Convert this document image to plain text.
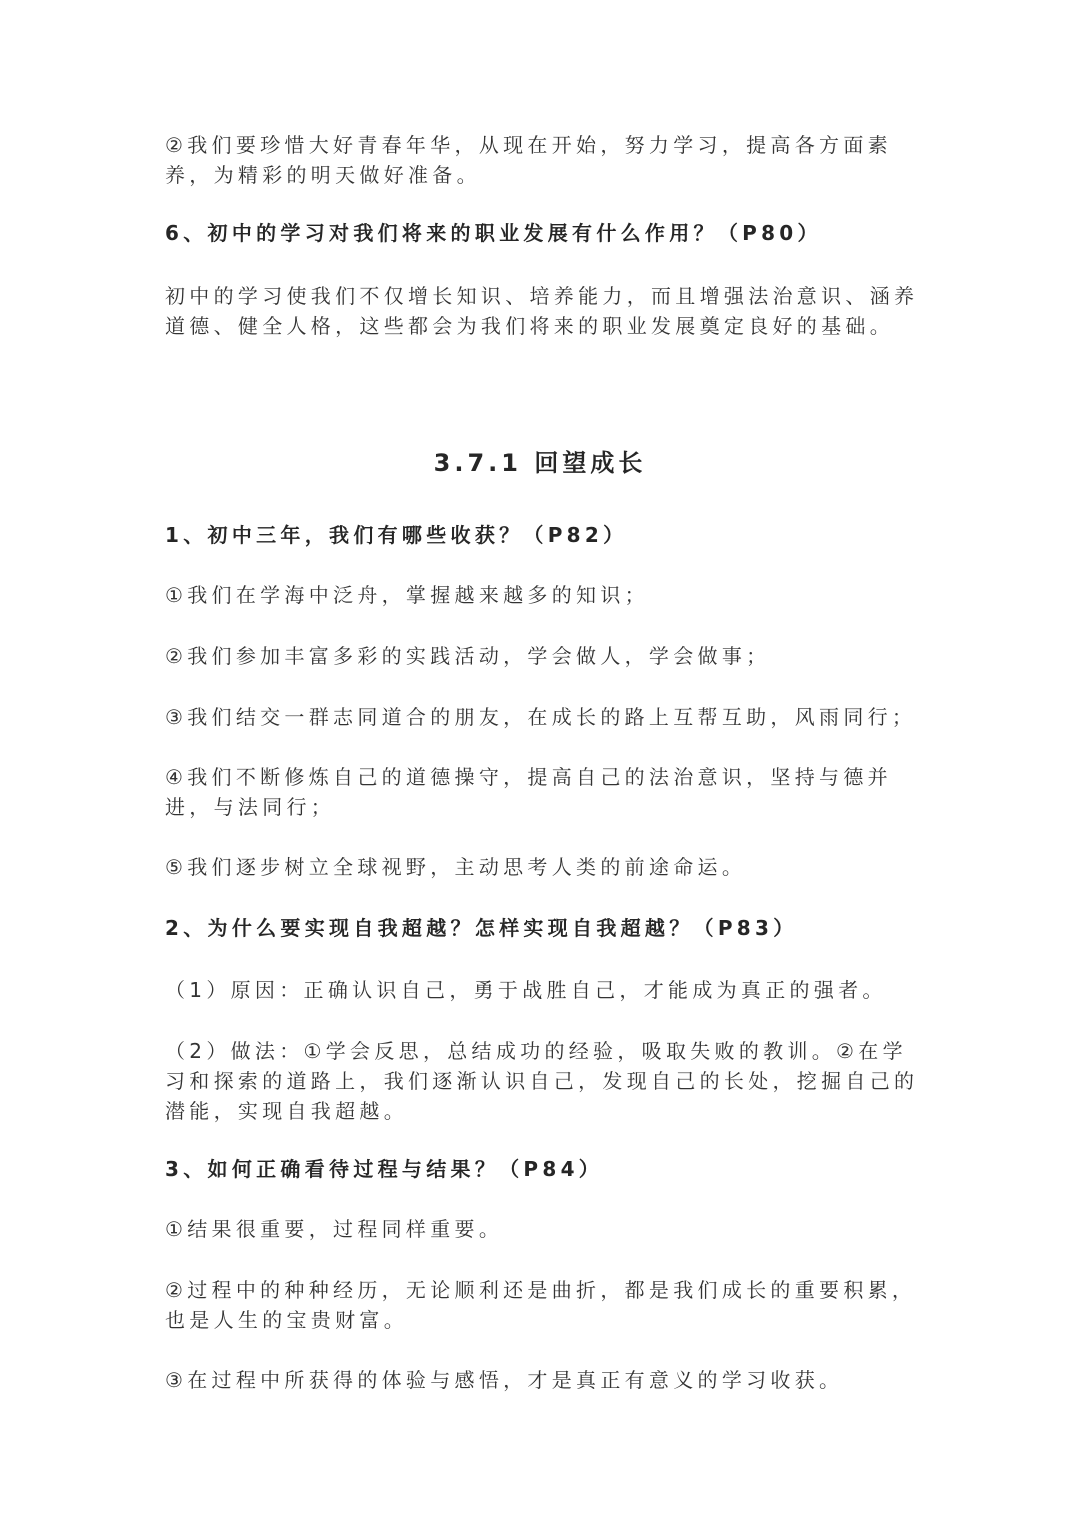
②我们要珍惜大好青春年华，从现在开始，努力学习，提高各方面素养，为精彩的明天做好准备。
6、初中的学习对我们将来的职业发展有什么作用？（P80）
初中的学习使我们不仅增长知识、培养能力，而且增强法治意识、涵养道德、健全人格，这些都会为我们将来的职业发展奠定良好的基础。
3.7.1 回望成长
1、初中三年，我们有哪些收获？（P82）
①我们在学海中泛舟，掌握越来越多的知识；
②我们参加丰富多彩的实践活动，学会做人，学会做事；
③我们结交一群志同道合的朋友，在成长的路上互帮互助，风雨同行；
④我们不断修炼自己的道德操守，提高自己的法治意识，坚持与德并进，与法同行；
⑤我们逐步树立全球视野，主动思考人类的前途命运。
2、为什么要实现自我超越？怎样实现自我超越？（P83）
（1）原因：正确认识自己，勇于战胜自己，才能成为真正的强者。
（2）做法：①学会反思，总结成功的经验，吸取失败的教训。②在学习和探索的道路上，我们逐渐认识自己，发现自己的长处，挖掘自己的潜能，实现自我超越。
3、如何正确看待过程与结果？（P84）
①结果很重要，过程同样重要。
②过程中的种种经历，无论顺利还是曲折，都是我们成长的重要积累，也是人生的宝贵财富。
③在过程中所获得的体验与感悟，才是真正有意义的学习收获。
